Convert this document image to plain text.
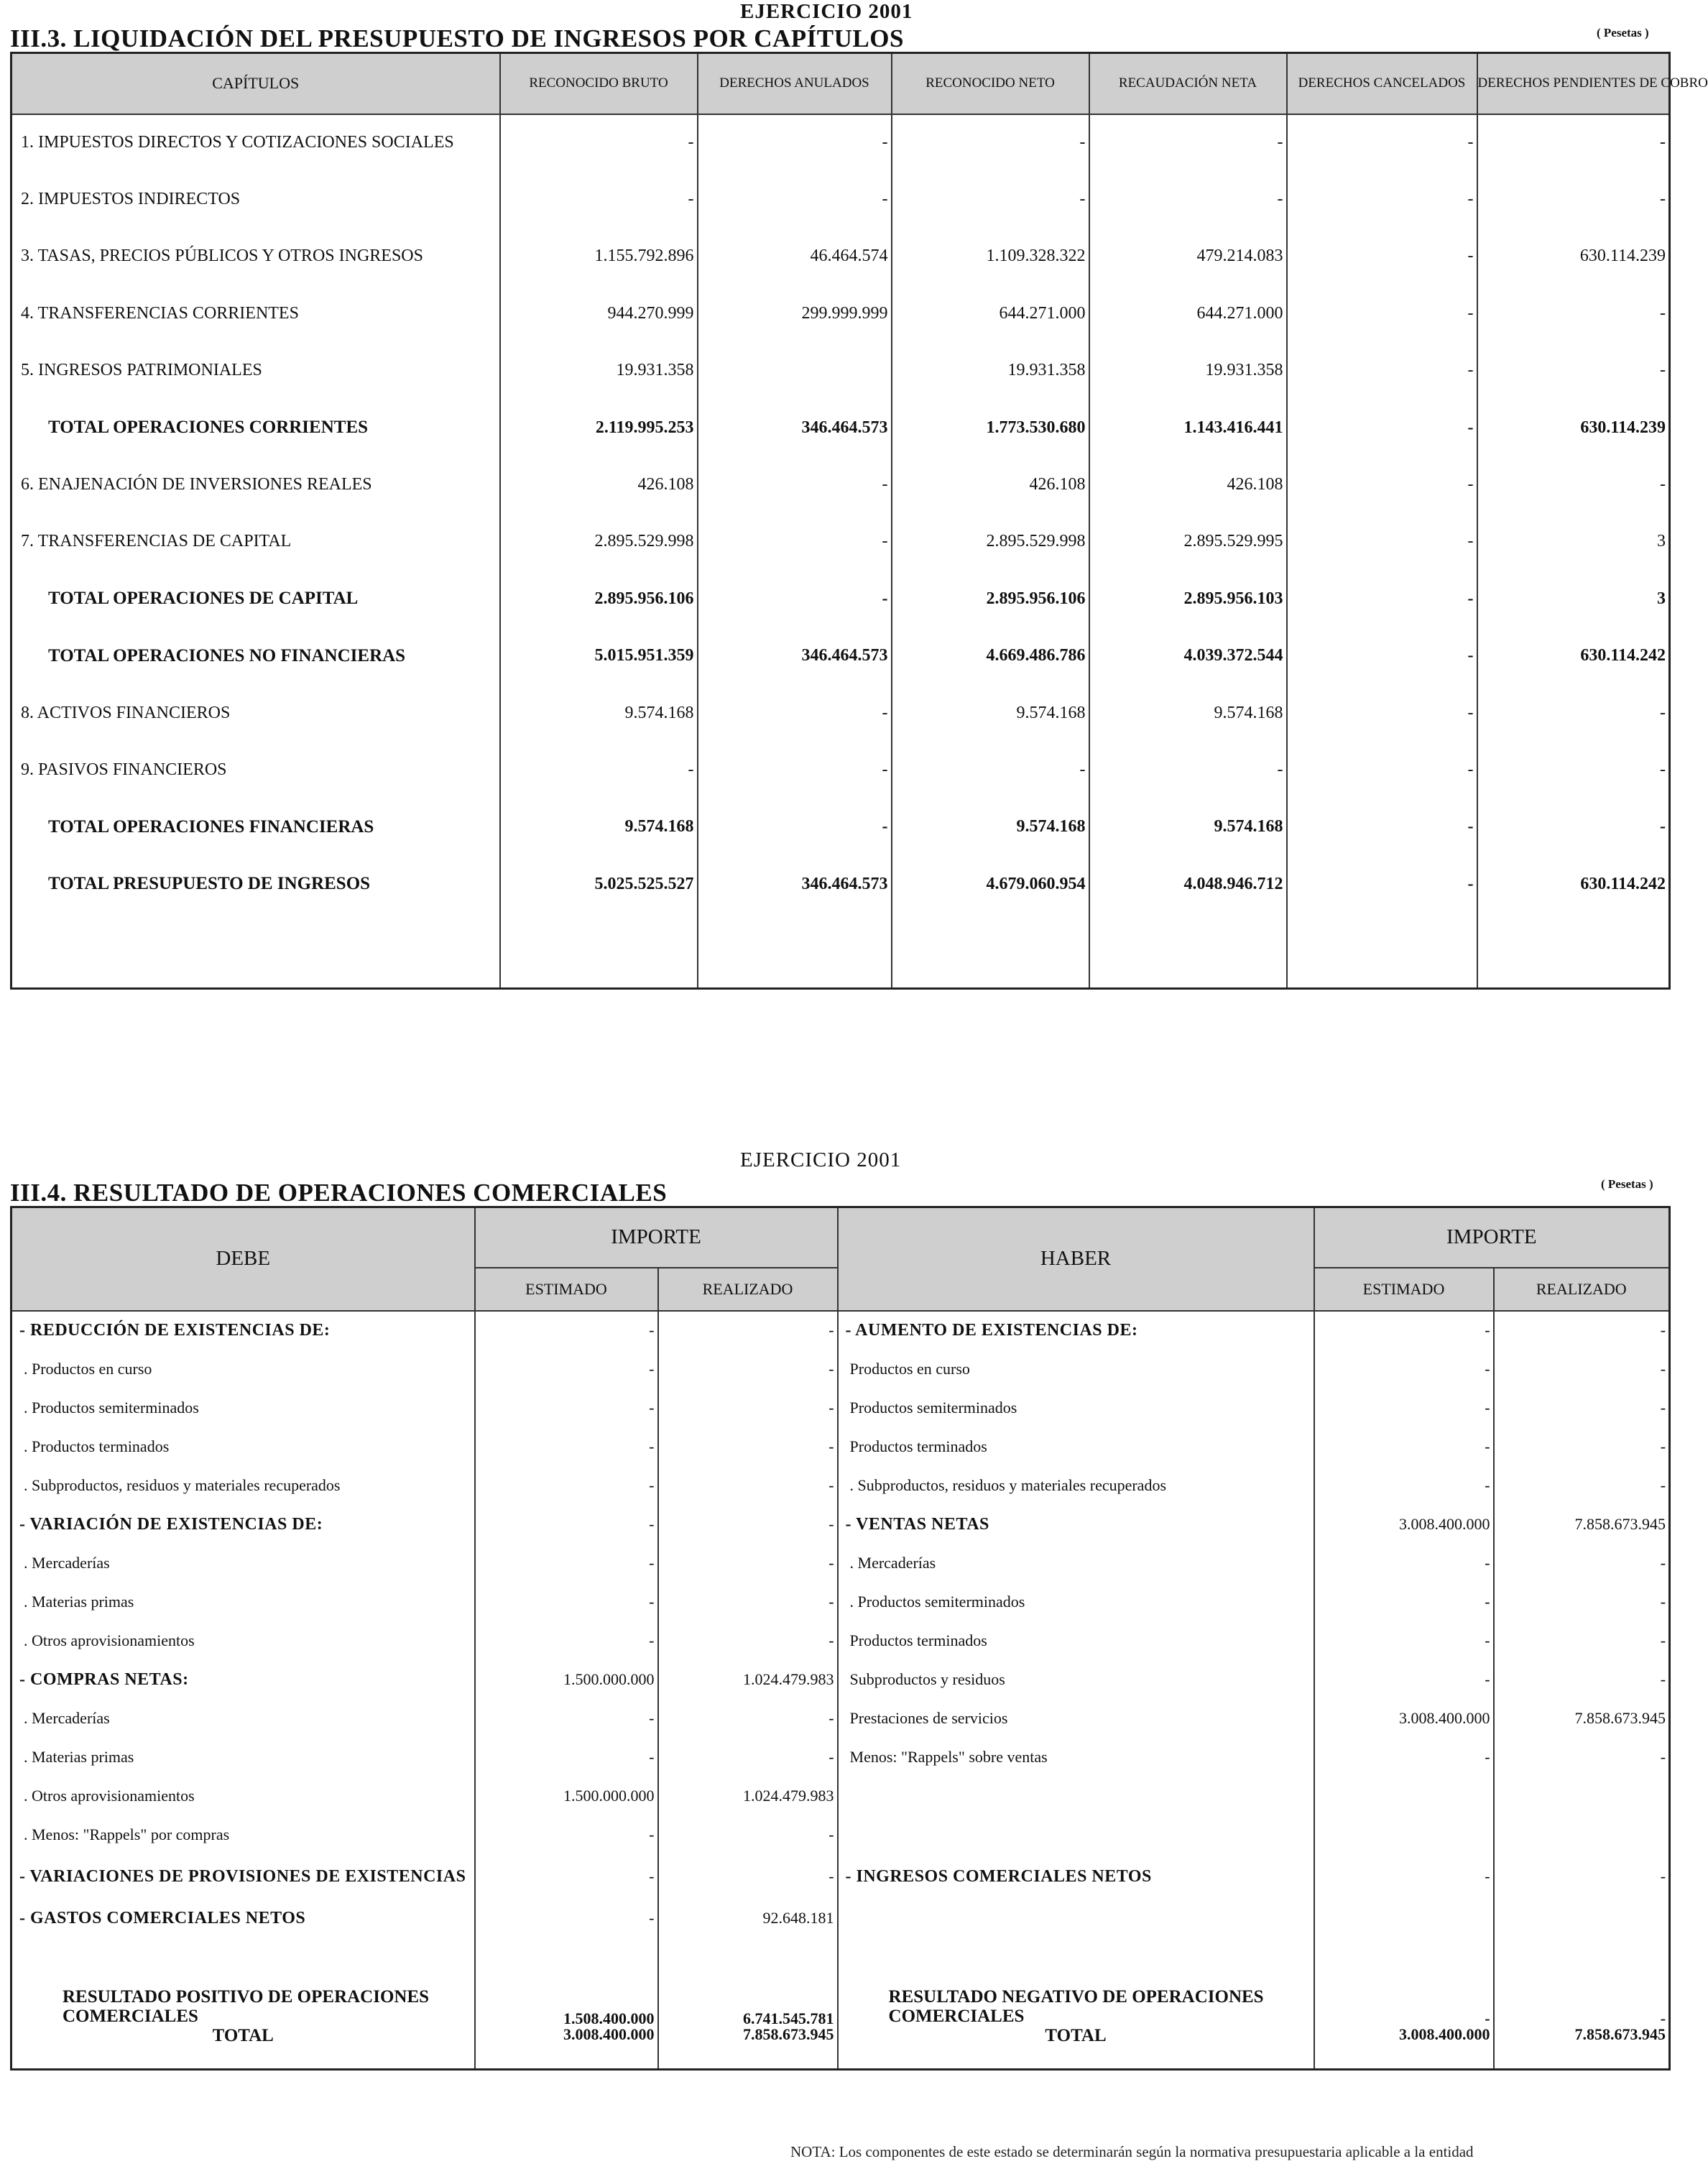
EJERCICIO 2001
III.3. LIQUIDACIÓN DEL PRESUPUESTO DE INGRESOS POR CAPÍTULOS	( Pesetas )
CAPÍTULOS	RECONOCIDO BRUTO	DERECHOS ANULADOS	RECONOCIDO NETO	RECAUDACIÓN NETA	DERECHOS CANCELADOS	DERECHOS PENDIENTES DE COBRO
1. IMPUESTOS DIRECTOS Y COTIZACIONES SOCIALES	-	-	-	-	-	-
2. IMPUESTOS INDIRECTOS	-	-	-	-	-	-
3. TASAS, PRECIOS PÚBLICOS Y OTROS INGRESOS	1.155.792.896	46.464.574	1.109.328.322	479.214.083	-	630.114.239
4. TRANSFERENCIAS CORRIENTES	944.270.999	299.999.999	644.271.000	644.271.000	-	-
5. INGRESOS PATRIMONIALES	19.931.358		19.931.358	19.931.358	-	-
TOTAL OPERACIONES CORRIENTES	2.119.995.253	346.464.573	1.773.530.680	1.143.416.441	-	630.114.239
6. ENAJENACIÓN DE INVERSIONES REALES	426.108	-	426.108	426.108	-	-
7. TRANSFERENCIAS DE CAPITAL	2.895.529.998	-	2.895.529.998	2.895.529.995	-	3
TOTAL OPERACIONES DE CAPITAL	2.895.956.106	-	2.895.956.106	2.895.956.103	-	3
TOTAL OPERACIONES NO FINANCIERAS	5.015.951.359	346.464.573	4.669.486.786	4.039.372.544	-	630.114.242
8. ACTIVOS FINANCIEROS	9.574.168	-	9.574.168	9.574.168	-	-
9. PASIVOS FINANCIEROS	-	-	-	-	-	-
TOTAL OPERACIONES FINANCIERAS	9.574.168	-	9.574.168	9.574.168	-	-
TOTAL PRESUPUESTO DE INGRESOS	5.025.525.527	346.464.573	4.679.060.954	4.048.946.712	-	630.114.242

EJERCICIO 2001
III.4. RESULTADO DE OPERACIONES COMERCIALES	( Pesetas )
DEBE	IMPORTE		HABER	IMPORTE	
	ESTIMADO	REALIZADO		ESTIMADO	REALIZADO
- REDUCCIÓN DE EXISTENCIAS DE:	-	-	- AUMENTO DE EXISTENCIAS DE:	-	-
. Productos en curso	-	-	Productos en curso	-	-
. Productos semiterminados	-	-	Productos semiterminados	-	-
. Productos terminados	-	-	Productos terminados	-	-
. Subproductos, residuos y materiales recuperados	-	-	. Subproductos, residuos y materiales recuperados	-	-
- VARIACIÓN DE EXISTENCIAS DE:	-	-	- VENTAS NETAS	3.008.400.000	7.858.673.945
. Mercaderías	-	-	. Mercaderías	-	-
. Materias primas	-	-	. Productos semiterminados	-	-
. Otros aprovisionamientos	-	-	Productos terminados	-	-
- COMPRAS NETAS:	1.500.000.000	1.024.479.983	Subproductos y residuos	-	-
. Mercaderías	-	-	Prestaciones de servicios	3.008.400.000	7.858.673.945
. Materias primas	-	-	Menos: "Rappels" sobre ventas	-	-
. Otros aprovisionamientos	1.500.000.000	1.024.479.983			
. Menos: "Rappels" por compras	-	-			
- VARIACIONES DE PROVISIONES DE EXISTENCIAS	-	-	- INGRESOS COMERCIALES NETOS	-	-
- GASTOS COMERCIALES NETOS	-	92.648.181			

RESULTADO POSITIVO DE OPERACIONES COMERCIALES	1.508.400.000	6.741.545.781	RESULTADO NEGATIVO DE OPERACIONES COMERCIALES	-	-
TOTAL	3.008.400.000	7.858.673.945	TOTAL	3.008.400.000	7.858.673.945
NOTA: Los componentes de este estado se determinarán según la normativa presupuestaria aplicable a la entidad
